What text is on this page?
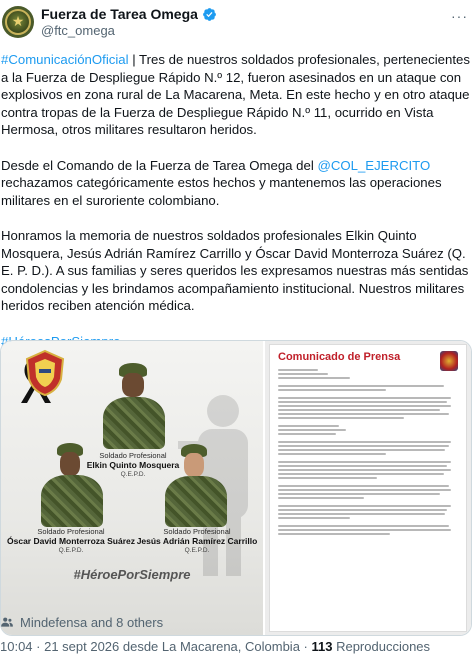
★	Fuerza de Tarea Omega
@ftc_omega
···

#ComunicaciónOficial | Tres de nuestros soldados profesionales, pertenecientes a la Fuerza de Despliegue Rápido N.º 12, fueron asesinados en un ataque con explosivos en zona rural de La Macarena, Meta. En este hecho y en otro ataque contra tropas de la Fuerza de Despliegue Rápido N.º 11, ocurrido en Vista Hermosa, otros militares resultaron heridos.

Desde el Comando de la Fuerza de Tarea Omega del @COL_EJERCITO rechazamos categóricamente estos hechos y mantenemos las operaciones militares en el suroriente colombiano.

Honramos la memoria de nuestros soldados profesionales Elkin Quinto Mosquera, Jesús Adrián Ramírez Carrillo y Óscar David Monterroza Suárez (Q. E. P. D.). A sus familias y seres queridos les expresamos nuestras más sentidas condolencias y les brindamos acompañamiento institucional. Nuestros militares heridos reciben atención médica.

Soldado Profesional
Elkin Quinto Mosquera
Q.E.P.D.
Soldado Profesional
Óscar David Monterroza Suárez
Q.E.P.D.
Soldado Profesional
Jesús Adrián Ramírez Carrillo
Q.E.P.D.
#HéroePorSiempre
Comunicado de Prensa
Mindefensa and 8 others
10:04 · 21 sept 2026 desde La Macarena, Colombia · 113 Reproducciones
